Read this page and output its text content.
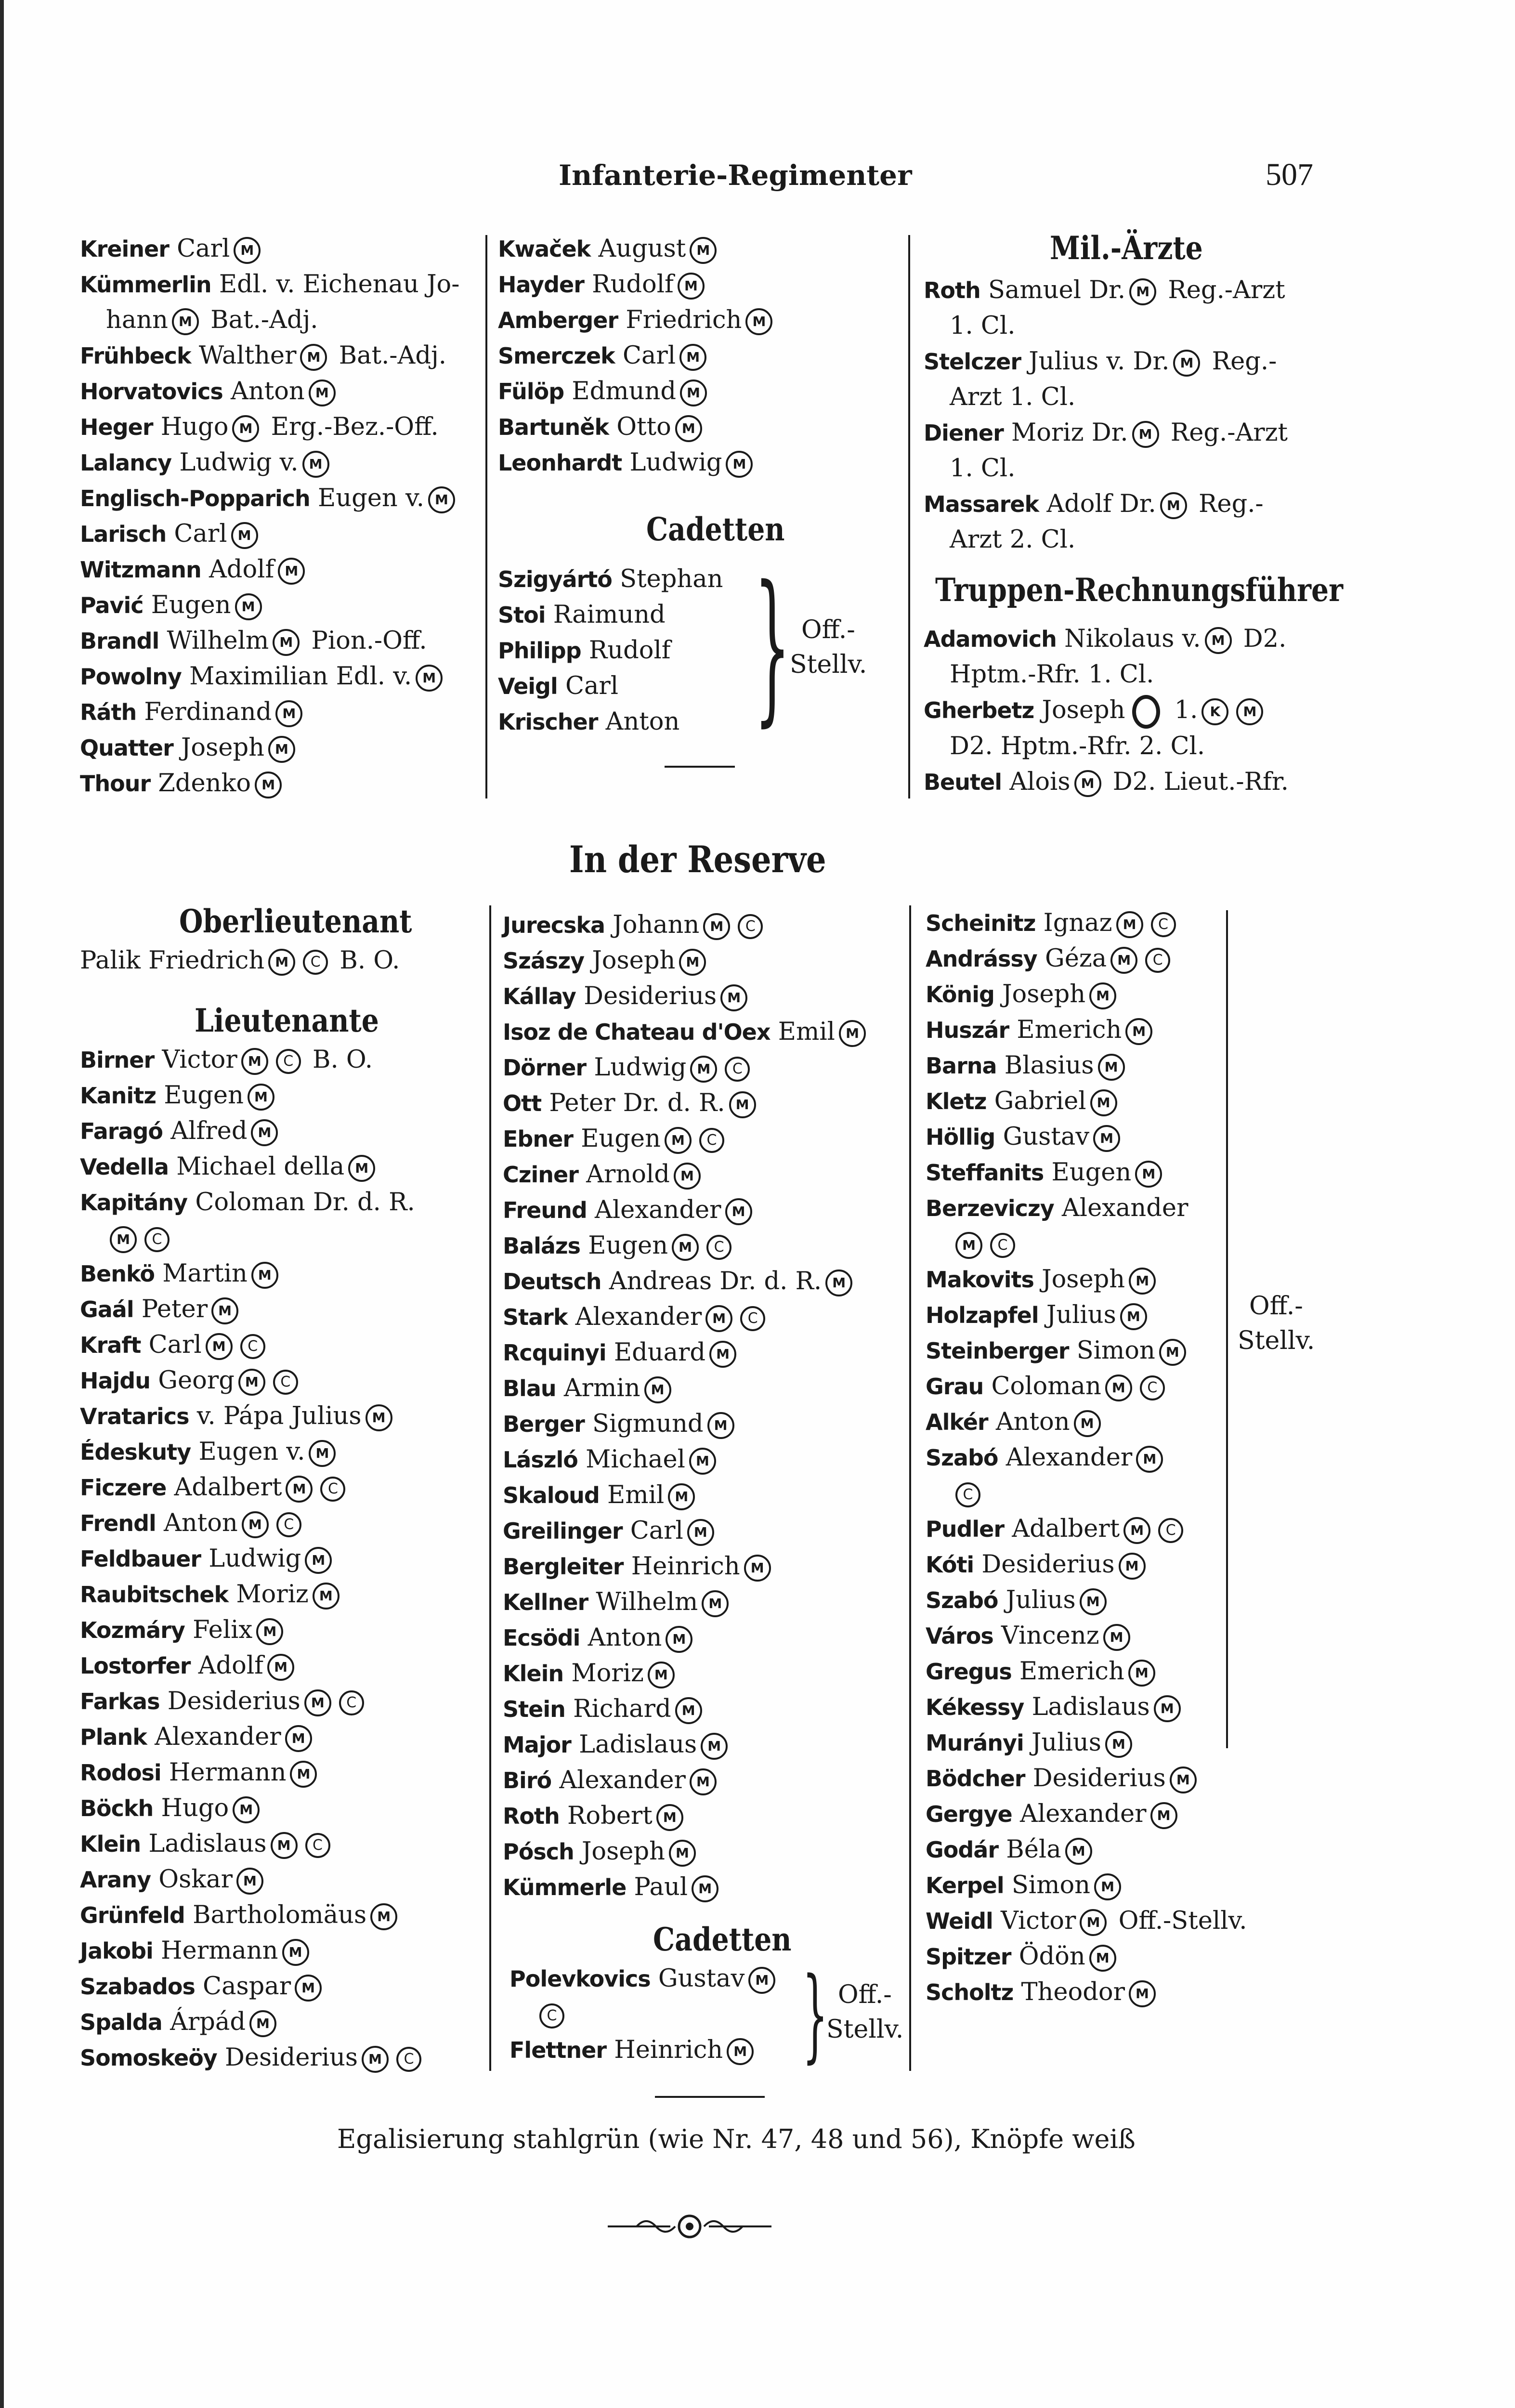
Infanterie-Regimenter	507
Kreiner Carl M
Kümmerlin Edl. v. Eichenau Jo-
hann M Bat.-Adj.
Frühbeck Walther M Bat.-Adj.
Horvatovics Anton M
Heger Hugo M Erg.-Bez.-Off.
Lalancy Ludwig v. M
Englisch-Popparich Eugen v. M
Larisch Carl M
Witzmann Adolf M
Pavić Eugen M
Brandl Wilhelm M Pion.-Off.
Powolny Maximilian Edl. v. M
Ráth Ferdinand M
Quatter Joseph M
Thour Zdenko M
Kwaček August M
Hayder Rudolf M
Amberger Friedrich M
Smerczek Carl M
Fülöp Edmund M
Bartuněk Otto M
Leonhardt Ludwig M
Cadetten
Szigyártó Stephan
Stoi Raimund
Philipp Rudolf
Veigl Carl
Krischer Anton } Off.-
Stellv.
Mil.-Ärzte
Roth Samuel Dr. M Reg.-Arzt
1. Cl.
Stelczer Julius v. Dr. M Reg.-
Arzt 1. Cl.
Diener Moriz Dr. M Reg.-Arzt
1. Cl.
Massarek Adolf Dr. M Reg.-
Arzt 2. Cl.
Truppen-Rechnungsführer
Adamovich Nikolaus v. M D2.
Hptm.-Rfr. 1. Cl.
Gherbetz Joseph 1. K M
D2. Hptm.-Rfr. 2. Cl.
Beutel Alois M D2. Lieut.-Rfr.
In der Reserve
Oberlieutenant
Palik Friedrich M C B. O.
Lieutenante
Birner Victor M C B. O.
Kanitz Eugen M
Faragó Alfred M
Vedella Michael della M
Kapitány Coloman Dr. d. R.
M C
Benkö Martin M
Gaál Peter M
Kraft Carl M C
Hajdu Georg M C
Vratarics v. Pápa Julius M
Édeskuty Eugen v. M
Ficzere Adalbert M C
Frendl Anton M C
Feldbauer Ludwig M
Raubitschek Moriz M
Kozmáry Felix M
Lostorfer Adolf M
Farkas Desiderius M C
Plank Alexander M
Rodosi Hermann M
Böckh Hugo M
Klein Ladislaus M C
Arany Oskar M
Grünfeld Bartholomäus M
Jakobi Hermann M
Szabados Caspar M
Spalda Árpád M
Somoskeöy Desiderius M C
Jurecska Johann M C
Szászy Joseph M
Kállay Desiderius M
Isoz de Chateau d'Oex Emil M
Dörner Ludwig M C
Ott Peter Dr. d. R. M
Ebner Eugen M C
Cziner Arnold M
Freund Alexander M
Balázs Eugen M C
Deutsch Andreas Dr. d. R. M
Stark Alexander M C
Rcquinyi Eduard M
Blau Armin M
Berger Sigmund M
László Michael M
Skaloud Emil M
Greilinger Carl M
Bergleiter Heinrich M
Kellner Wilhelm M
Ecsödi Anton M
Klein Moriz M
Stein Richard M
Major Ladislaus M
Biró Alexander M
Roth Robert M
Pósch Joseph M
Kümmerle Paul M
Cadetten
Polevkovics Gustav M
C
Flettner Heinrich M } Off.-
Stellv.
Scheinitz Ignaz M C
Andrássy Géza M C
König Joseph M
Huszár Emerich M
Barna Blasius M
Kletz Gabriel M
Höllig Gustav M
Steffanits Eugen M
Berzeviczy Alexander
M C
Makovits Joseph M
Holzapfel Julius M
Steinberger Simon M
Grau Coloman M C
Alkér Anton M
Szabó Alexander M
C
Pudler Adalbert M C
Kóti Desiderius M
Szabó Julius M
Város Vincenz M
Gregus Emerich M
Kékessy Ladislaus M
Murányi Julius M
Bödcher Desiderius M
Gergye Alexander M
Godár Béla M
Kerpel Simon M
Weidl Victor M Off.-Stellv.
Spitzer Ödön M
Scholtz Theodor M
Off.-
Stellv.
Egalisierung stahlgrün (wie Nr. 47, 48 und 56), Knöpfe weiß
